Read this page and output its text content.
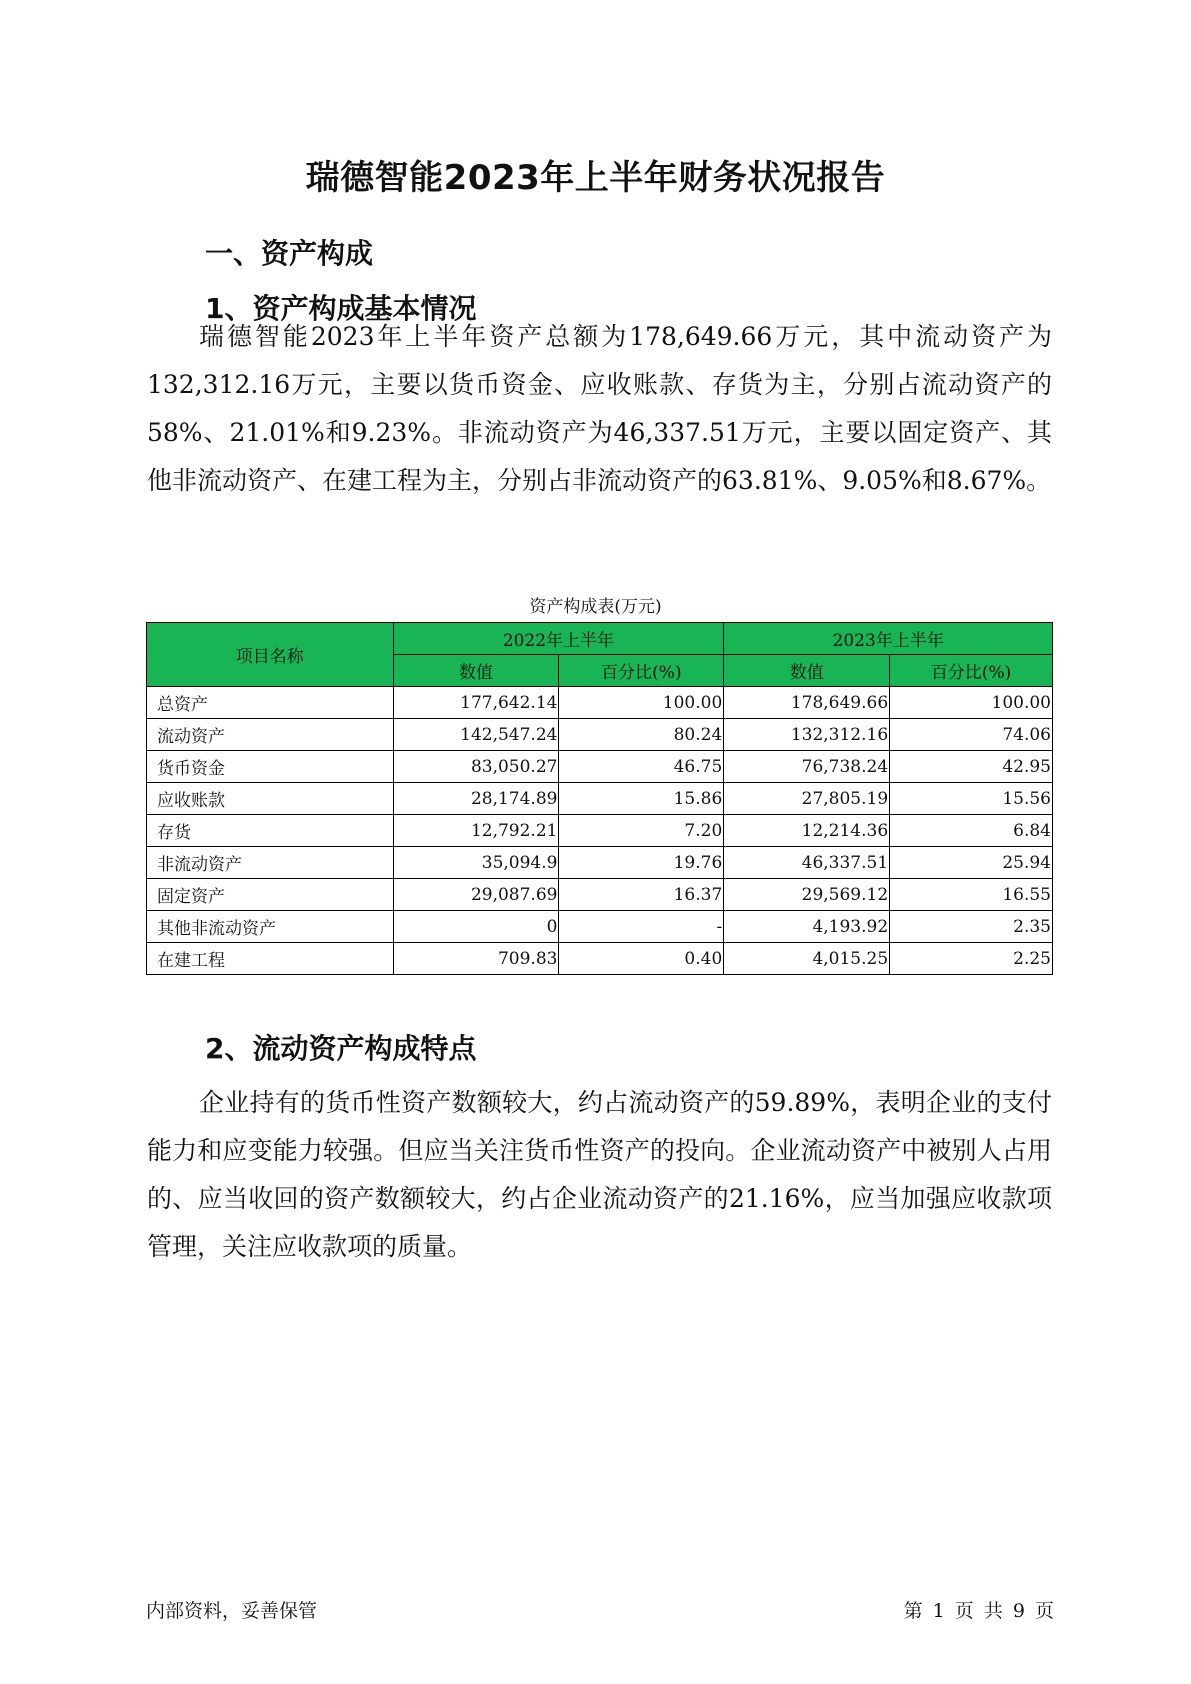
瑞德智能2023年上半年财务状况报告
一、资产构成
1、资产构成基本情况

瑞德智能2023年上半年资产总额为178,649.66万元，其中流动资产为132,312.16万元，主要以货币资金、应收账款、存货为主，分别占流动资产的58%、21.01%和9.23%。非流动资产为46,337.51万元，主要以固定资产、其他非流动资产、在建工程为主，分别占非流动资产的63.81%、9.05%和8.67%。

资产构成表(万元)
项目名称	2022年上半年		2023年上半年	
	数值	百分比(%)	数值	百分比(%)
总资产	177,642.14	100.00	178,649.66	100.00
流动资产	142,547.24	80.24	132,312.16	74.06
货币资金	83,050.27	46.75	76,738.24	42.95
应收账款	28,174.89	15.86	27,805.19	15.56
存货	12,792.21	7.20	12,214.36	6.84
非流动资产	35,094.9	19.76	46,337.51	25.94
固定资产	29,087.69	16.37	29,569.12	16.55
其他非流动资产	0	-	4,193.92	2.35
在建工程	709.83	0.40	4,015.25	2.25
2、流动资产构成特点

企业持有的货币性资产数额较大，约占流动资产的59.89%，表明企业的支付能力和应变能力较强。但应当关注货币性资产的投向。企业流动资产中被别人占用的、应当收回的资产数额较大，约占企业流动资产的21.16%，应当加强应收款项管理，关注应收款项的质量。

内部资料，妥善保管	第 1 页 共 9 页
